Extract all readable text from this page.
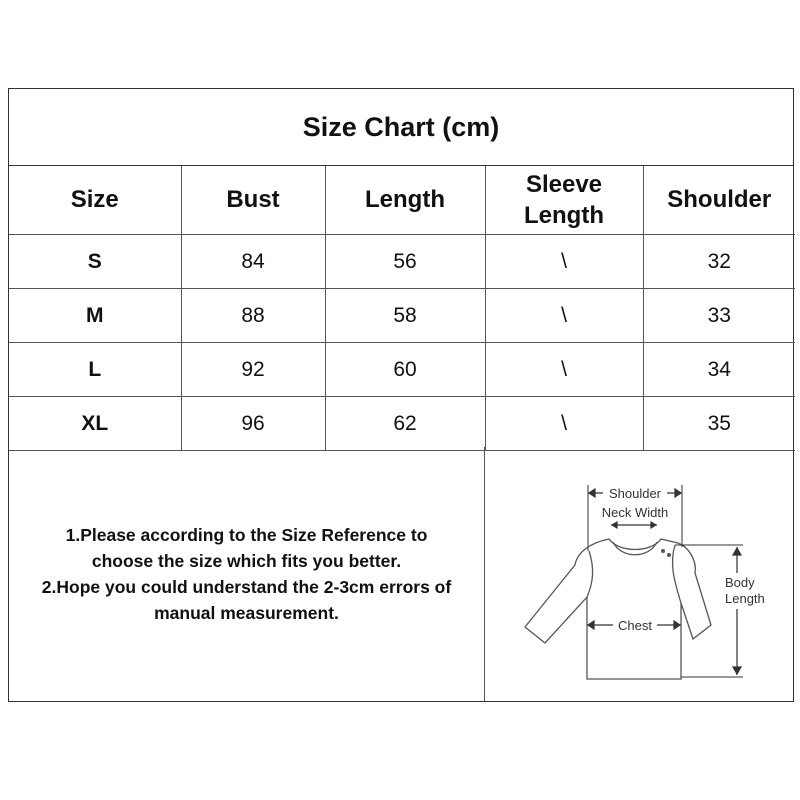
Size Chart (cm)
Size	Bust	Length	Sleeve Length	Shoulder
S	84	56	\	32
M	88	58	\	33
L	92	60	\	34
XL	96	62	\	35
1.Please according to the Size Reference to
choose the size which fits you better.
2.Hope you could understand the 2-3cm errors of
manual measurement.
Shoulder
Neck Width
Chest
Body
Length
